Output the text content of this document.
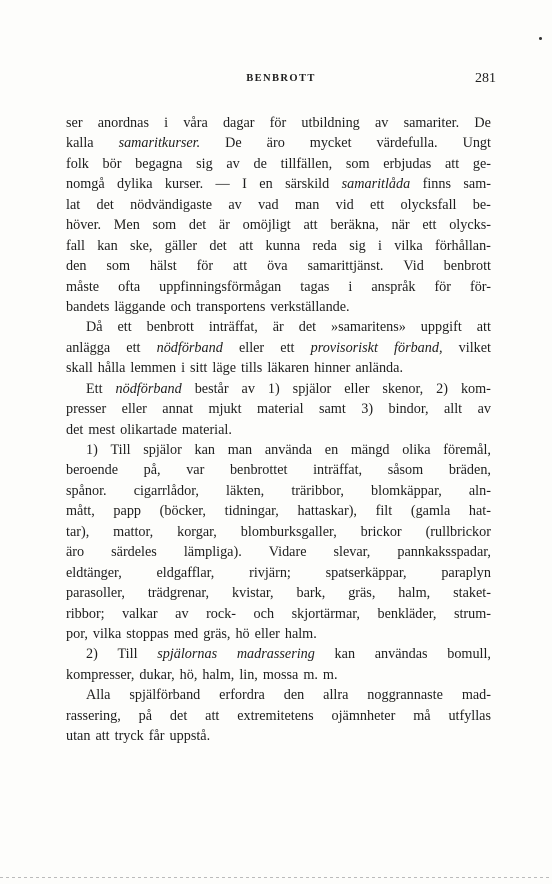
BENBROTT	281
ser anordnas i våra dagar för utbildning av samariter. De
kalla samaritkurser. De äro mycket värdefulla. Ungt
folk bör begagna sig av de tillfällen, som erbjudas att ge-
nomgå dylika kurser. — I en särskild samaritlåda finns sam-
lat det nödvändigaste av vad man vid ett olycksfall be-
höver. Men som det är omöjligt att beräkna, när ett olycks-
fall kan ske, gäller det att kunna reda sig i vilka förhållan-
den som hälst för att öva samarittjänst. Vid benbrott
måste ofta uppfinningsförmågan tagas i anspråk för för-
bandets läggande och transportens verkställande.
Då ett benbrott inträffat, är det »samaritens» uppgift att
anlägga ett nödförband eller ett provisoriskt förband, vilket
skall hålla lemmen i sitt läge tills läkaren hinner anlända.
Ett nödförband består av 1) spjälor eller skenor, 2) kom-
presser eller annat mjukt material samt 3) bindor, allt av
det mest olikartade material.
1) Till spjälor kan man använda en mängd olika föremål,
beroende på, var benbrottet inträffat, såsom bräden,
spånor. cigarrlådor, läkten, träribbor, blomkäppar, aln-
mått, papp (böcker, tidningar, hattaskar), filt (gamla hat-
tar), mattor, korgar, blomburksgaller, brickor (rullbrickor
äro särdeles lämpliga). Vidare slevar, pannkaksspadar,
eldtänger, eldgafflar, rivjärn; spatserkäppar, paraplyn
parasoller, trädgrenar, kvistar, bark, gräs, halm, staket-
ribbor; valkar av rock- och skjortärmar, benkläder, strum-
por, vilka stoppas med gräs, hö eller halm.
2) Till spjälornas madrassering kan användas bomull,
kompresser, dukar, hö, halm, lin, mossa m. m.
Alla spjälförband erfordra den allra noggrannaste mad-
rassering, på det att extremitetens ojämnheter må utfyllas
utan att tryck får uppstå.
